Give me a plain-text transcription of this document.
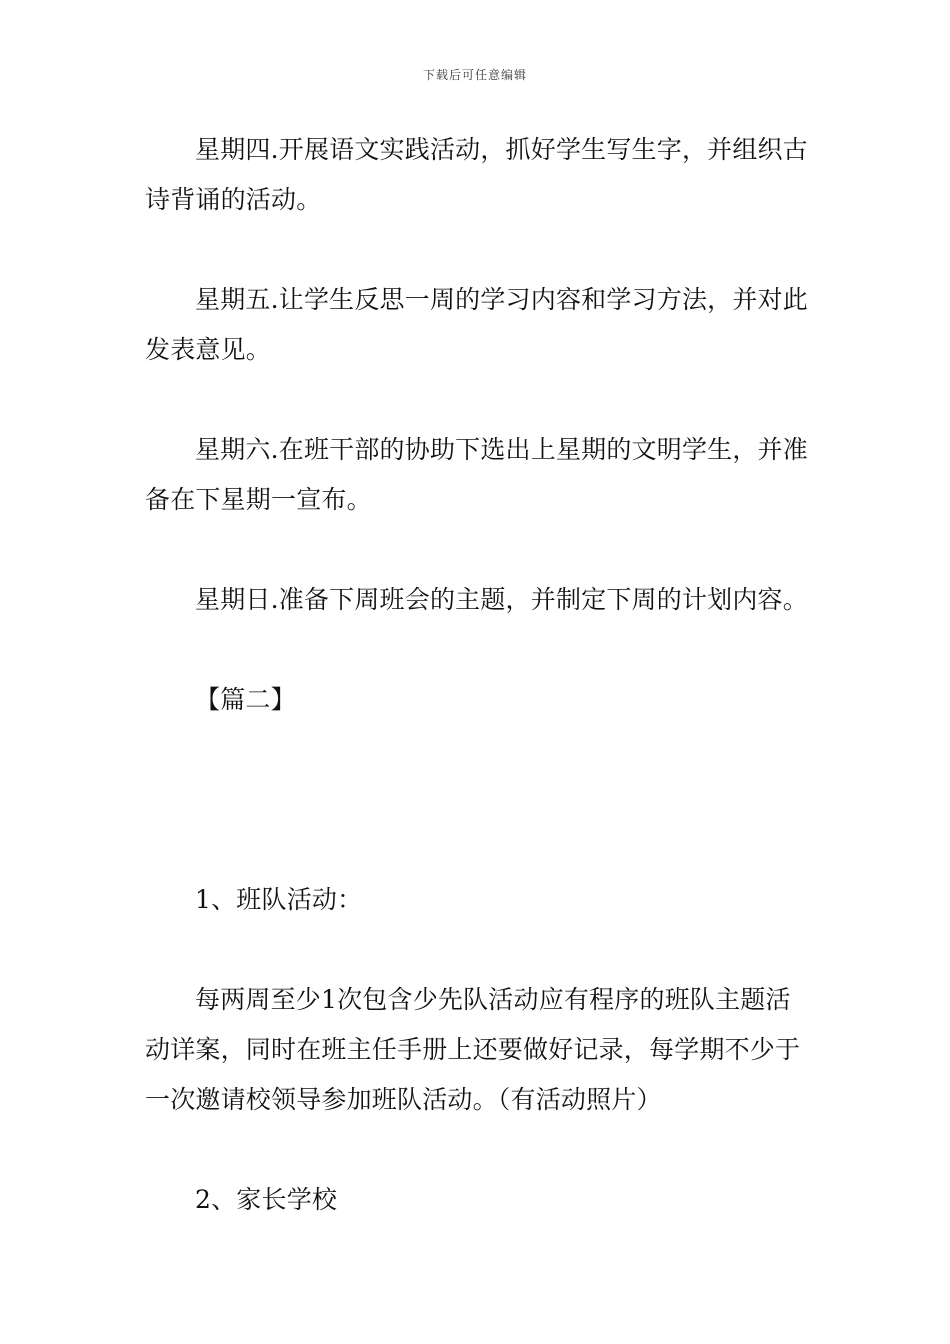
下载后可任意编辑

星期四.开展语文实践活动，抓好学生写生字，并组织古诗背诵的活动。

星期五.让学生反思一周的学习内容和学习方法，并对此发表意见。

星期六.在班干部的协助下选出上星期的文明学生，并准备在下星期一宣布。

星期日.准备下周班会的主题，并制定下周的计划内容。

【篇二】

1、班队活动：

每两周至少1次包含少先队活动应有程序的班队主题活动详案，同时在班主任手册上还要做好记录，每学期不少于一次邀请校领导参加班队活动。（有活动照片）

2、家长学校
